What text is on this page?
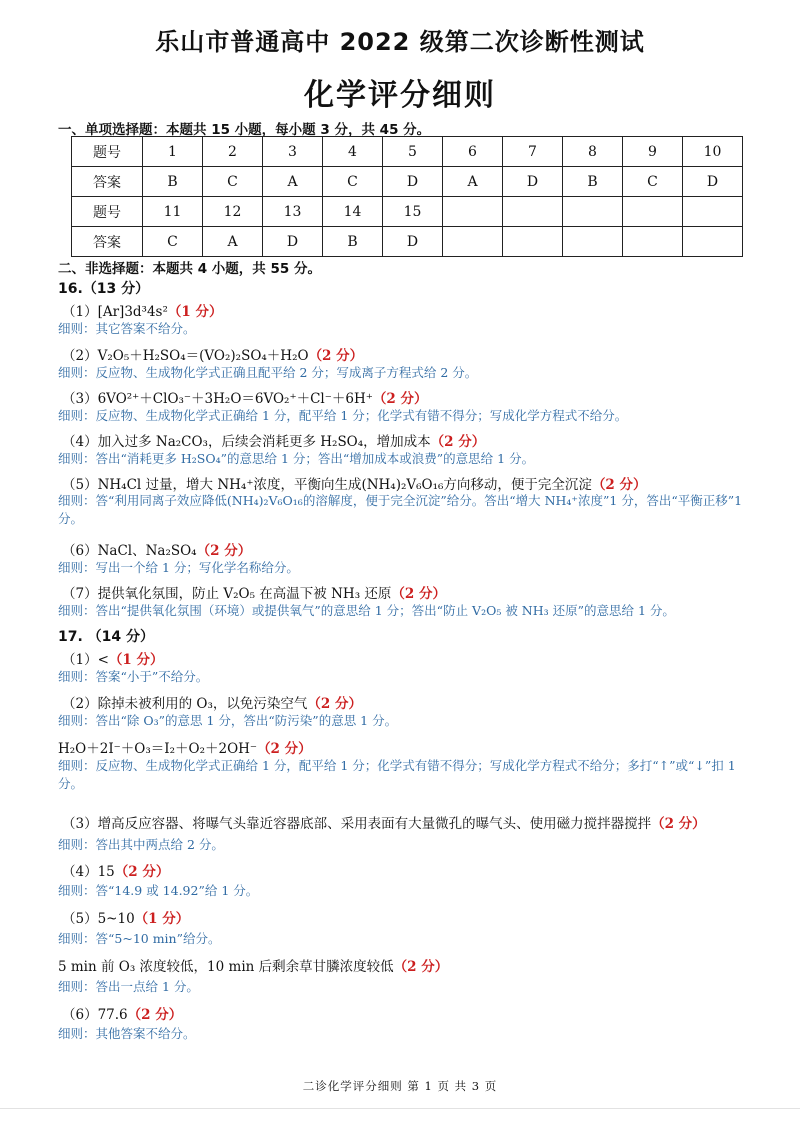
乐山市普通高中 2022 级第二次诊断性测试
化学评分细则
一、单项选择题：本题共 15 小题，每小题 3 分，共 45 分。
题号	1	2	3	4	5	6	7	8	9	10
答案	B	C	A	C	D	A	D	B	C	D
题号	11	12	13	14	15					
答案	C	A	D	B	D					
二、非选择题：本题共 4 小题，共 55 分。
16.（13 分）
（1）[Ar]3d³4s²（1 分）
细则：其它答案不给分。
（2）V₂O₅＋H₂SO₄＝(VO₂)₂SO₄＋H₂O（2 分）
细则：反应物、生成物化学式正确且配平给 2 分；写成离子方程式给 2 分。
（3）6VO²⁺＋ClO₃⁻＋3H₂O＝6VO₂⁺＋Cl⁻＋6H⁺（2 分）
细则：反应物、生成物化学式正确给 1 分，配平给 1 分；化学式有错不得分；写成化学方程式不给分。
（4）加入过多 Na₂CO₃，后续会消耗更多 H₂SO₄，增加成本（2 分）
细则：答出“消耗更多 H₂SO₄”的意思给 1 分；答出“增加成本或浪费”的意思给 1 分。
（5）NH₄Cl 过量，增大 NH₄⁺浓度，平衡向生成(NH₄)₂V₆O₁₆方向移动，便于完全沉淀（2 分）
细则：答“利用同离子效应降低(NH₄)₂V₆O₁₆的溶解度，便于完全沉淀”给分。答出“增大 NH₄⁺浓度”1 分，答出“平衡正移”1 分。
（6）NaCl、Na₂SO₄（2 分）
细则：写出一个给 1 分；写化学名称给分。
（7）提供氧化氛围，防止 V₂O₅ 在高温下被 NH₃ 还原（2 分）
细则：答出“提供氧化氛围（环境）或提供氧气”的意思给 1 分；答出“防止 V₂O₅ 被 NH₃ 还原”的意思给 1 分。
17. （14 分）
（1）<（1 分）
细则：答案“小于”不给分。
（2）除掉未被利用的 O₃，以免污染空气（2 分）
细则：答出“除 O₃”的意思 1 分，答出“防污染”的意思 1 分。
H₂O＋2I⁻＋O₃＝I₂＋O₂＋2OH⁻（2 分）
细则：反应物、生成物化学式正确给 1 分，配平给 1 分；化学式有错不得分；写成化学方程式不给分；多打“↑”或“↓”扣 1 分。
（3）增高反应容器、将曝气头靠近容器底部、采用表面有大量微孔的曝气头、使用磁力搅拌器搅拌（2 分）
细则：答出其中两点给 2 分。
（4）15（2 分）
细则：答“14.9 或 14.92”给 1 分。
（5）5~10（1 分）
细则：答“5~10 min”给分。
5 min 前 O₃ 浓度较低，10 min 后剩余草甘膦浓度较低（2 分）
细则：答出一点给 1 分。
（6）77.6（2 分）
细则：其他答案不给分。
二诊化学评分细则 第 1 页 共 3 页
